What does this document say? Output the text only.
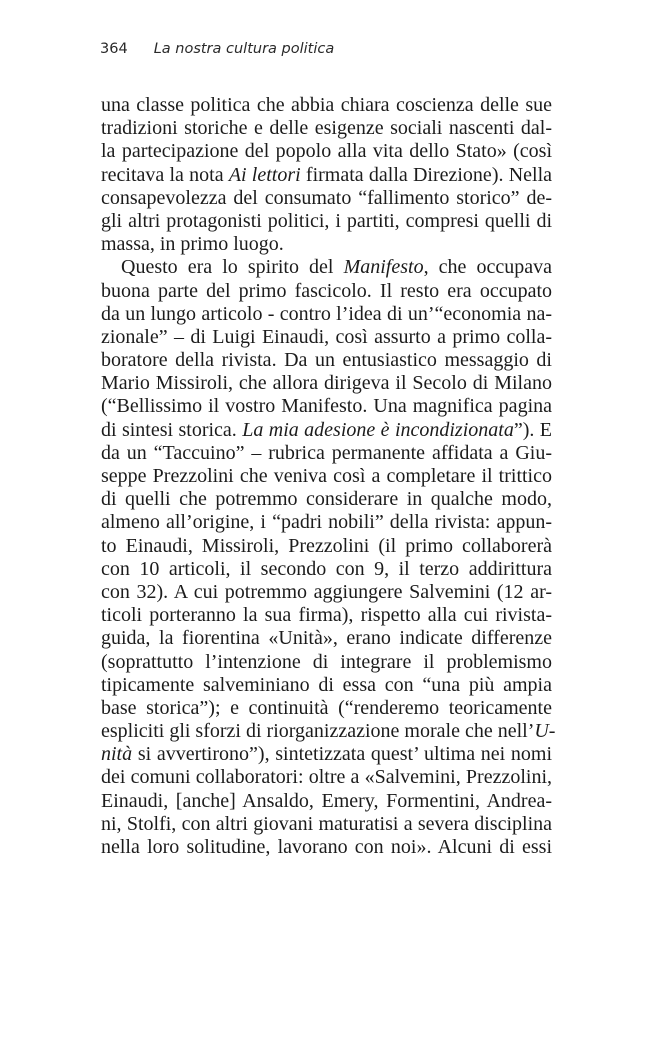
364 La nostra cultura politica
una classe politica che abbia chiara coscienza delle sue
tradizioni storiche e delle esigenze sociali nascenti dal-
la partecipazione del popolo alla vita dello Stato» (così
recitava la nota Ai lettori firmata dalla Direzione). Nella
consapevolezza del consumato “fallimento storico” de-
gli altri protagonisti politici, i partiti, compresi quelli di
massa, in primo luogo.
Questo era lo spirito del Manifesto, che occupava
buona parte del primo fascicolo. Il resto era occupato
da un lungo articolo - contro l’idea di un’“economia na-
zionale” – di Luigi Einaudi, così assurto a primo colla-
boratore della rivista. Da un entusiastico messaggio di
Mario Missiroli, che allora dirigeva il Secolo di Milano
(“Bellissimo il vostro Manifesto. Una magnifica pagina
di sintesi storica. La mia adesione è incondizionata”). E
da un “Taccuino” – rubrica permanente affidata a Giu-
seppe Prezzolini che veniva così a completare il trittico
di quelli che potremmo considerare in qualche modo,
almeno all’origine, i “padri nobili” della rivista: appun-
to Einaudi, Missiroli, Prezzolini (il primo collaborerà
con 10 articoli, il secondo con 9, il terzo addirittura
con 32). A cui potremmo aggiungere Salvemini (12 ar-
ticoli porteranno la sua firma), rispetto alla cui rivista-
guida, la fiorentina «Unità», erano indicate differenze
(soprattutto l’intenzione di integrare il problemismo
tipicamente salveminiano di essa con “una più ampia
base storica”); e continuità (“renderemo teoricamente
espliciti gli sforzi di riorganizzazione morale che nell’U-
nità si avvertirono”), sintetizzata quest’ ultima nei nomi
dei comuni collaboratori: oltre a «Salvemini, Prezzolini,
Einaudi, [anche] Ansaldo, Emery, Formentini, Andrea-
ni, Stolfi, con altri giovani maturatisi a severa disciplina
nella loro solitudine, lavorano con noi». Alcuni di essi
